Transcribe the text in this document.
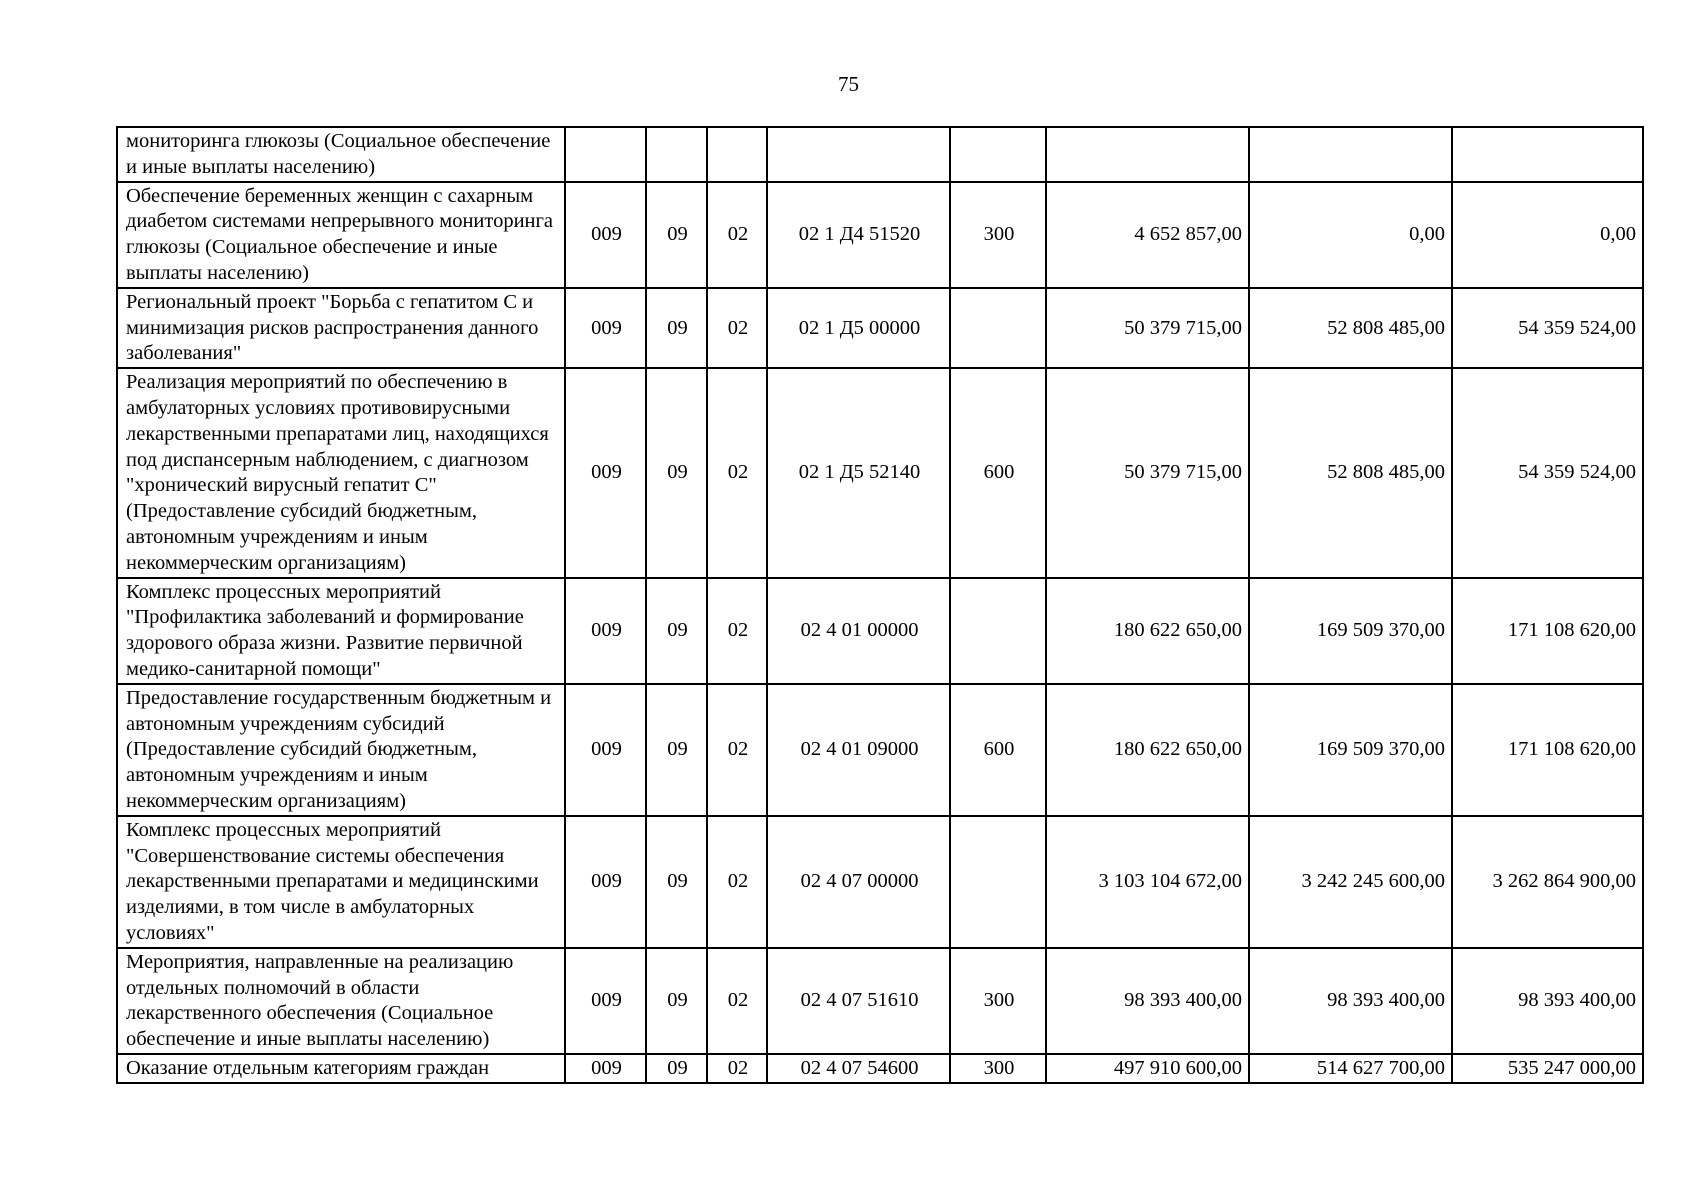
75
мониторинга глюкозы (Социальное обеспечение и иные выплаты населению)								
Обеспечение беременных женщин с сахарным диабетом системами непрерывного мониторинга глюкозы (Социальное обеспечение и иные выплаты населению)	009	09	02	02 1 Д4 51520	300	4 652 857,00	0,00	0,00
Региональный проект "Борьба с гепатитом С и минимизация рисков распространения данного заболевания"	009	09	02	02 1 Д5 00000		50 379 715,00	52 808 485,00	54 359 524,00
Реализация мероприятий по обеспечению в амбулаторных условиях противовирусными лекарственными препаратами лиц, находящихся под диспансерным наблюдением, с диагнозом "хронический вирусный гепатит С" (Предоставление субсидий бюджетным, автономным учреждениям и иным некоммерческим организациям)	009	09	02	02 1 Д5 52140	600	50 379 715,00	52 808 485,00	54 359 524,00
Комплекс процессных мероприятий "Профилактика заболеваний и формирование здорового образа жизни. Развитие первичной медико-санитарной помощи"	009	09	02	02 4 01 00000		180 622 650,00	169 509 370,00	171 108 620,00
Предоставление государственным бюджетным и автономным учреждениям субсидий (Предоставление субсидий бюджетным, автономным учреждениям и иным некоммерческим организациям)	009	09	02	02 4 01 09000	600	180 622 650,00	169 509 370,00	171 108 620,00
Комплекс процессных мероприятий "Совершенствование системы обеспечения лекарственными препаратами и медицинскими изделиями, в том числе в амбулаторных условиях"	009	09	02	02 4 07 00000		3 103 104 672,00	3 242 245 600,00	3 262 864 900,00
Мероприятия, направленные на реализацию отдельных полномочий в области лекарственного обеспечения (Социальное обеспечение и иные выплаты населению)	009	09	02	02 4 07 51610	300	98 393 400,00	98 393 400,00	98 393 400,00
Оказание отдельным категориям граждан	009	09	02	02 4 07 54600	300	497 910 600,00	514 627 700,00	535 247 000,00
